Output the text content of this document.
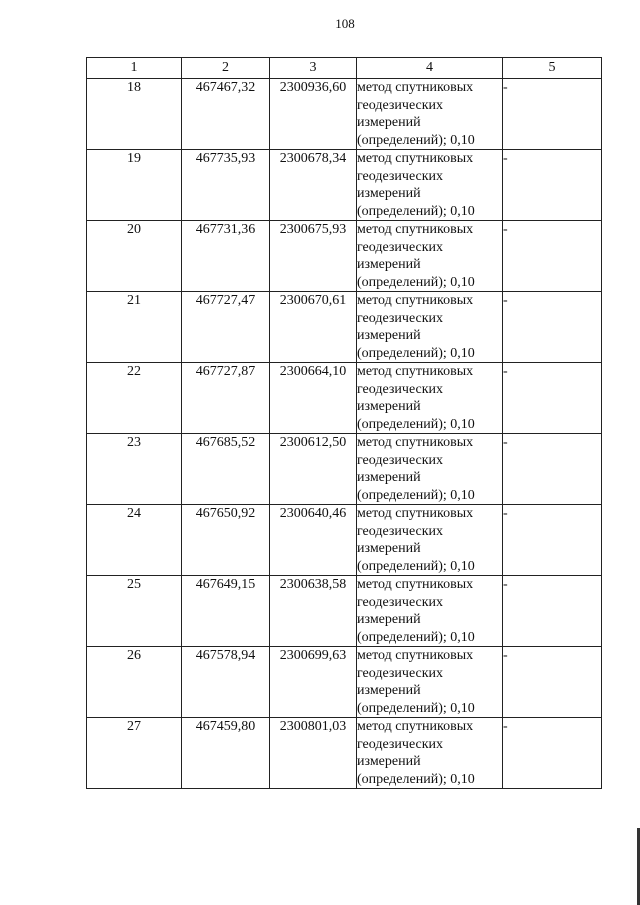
108
1	2	3	4	5
18	467467,32	2300936,60	метод спутниковых
геодезических
измерений
(определений); 0,10	-
19	467735,93	2300678,34	метод спутниковых
геодезических
измерений
(определений); 0,10	-
20	467731,36	2300675,93	метод спутниковых
геодезических
измерений
(определений); 0,10	-
21	467727,47	2300670,61	метод спутниковых
геодезических
измерений
(определений); 0,10	-
22	467727,87	2300664,10	метод спутниковых
геодезических
измерений
(определений); 0,10	-
23	467685,52	2300612,50	метод спутниковых
геодезических
измерений
(определений); 0,10	-
24	467650,92	2300640,46	метод спутниковых
геодезических
измерений
(определений); 0,10	-
25	467649,15	2300638,58	метод спутниковых
геодезических
измерений
(определений); 0,10	-
26	467578,94	2300699,63	метод спутниковых
геодезических
измерений
(определений); 0,10	-
27	467459,80	2300801,03	метод спутниковых
геодезических
измерений
(определений); 0,10	-
